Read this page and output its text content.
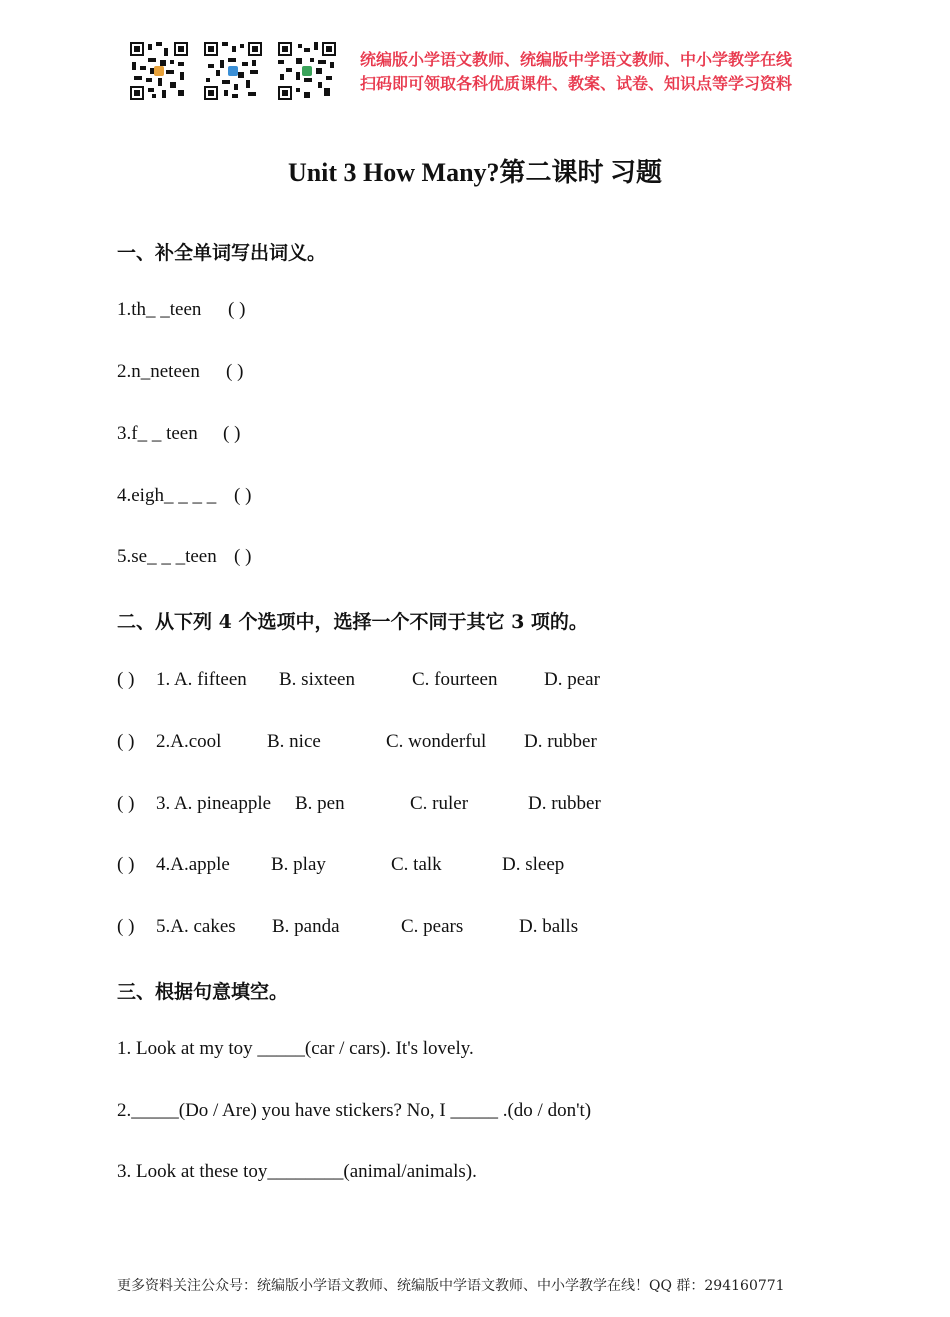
统编版小学语文教师、统编版中学语文教师、中小学教学在线
扫码即可领取各科优质课件、教案、试卷、知识点等学习资料
Unit 3 How Many?第二课时 习题
一、补全单词写出词义。
1.th_ _teen ( )
2.n_neteen ( )
3.f_ _ teen ( )
4.eigh_ _ _ _ ( )
5.se_ _ _teen ( )
二、从下列 4 个选项中，选择一个不同于其它 3 项的。
( ) 1. A. fifteen B. sixteen	C. fourteen D. pear
( ) 2.A.cool B. nice	C. wonderful D. rubber
( ) 3. A. pineapple B. pen	C. ruler	D. rubber
( ) 4.A.apple B. play	C. talk	D. sleep
( ) 5.A. cakes B. panda	C. pears	D. balls
三、根据句意填空。
1. Look at my toy _____(car / cars). It's lovely.
2._____(Do / Are) you have stickers? No, I _____ .(do / don't)
3. Look at these toy________(animal/animals).
更多资料关注公众号：统编版小学语文教师、统编版中学语文教师、中小学教学在线！QQ 群：294160771
